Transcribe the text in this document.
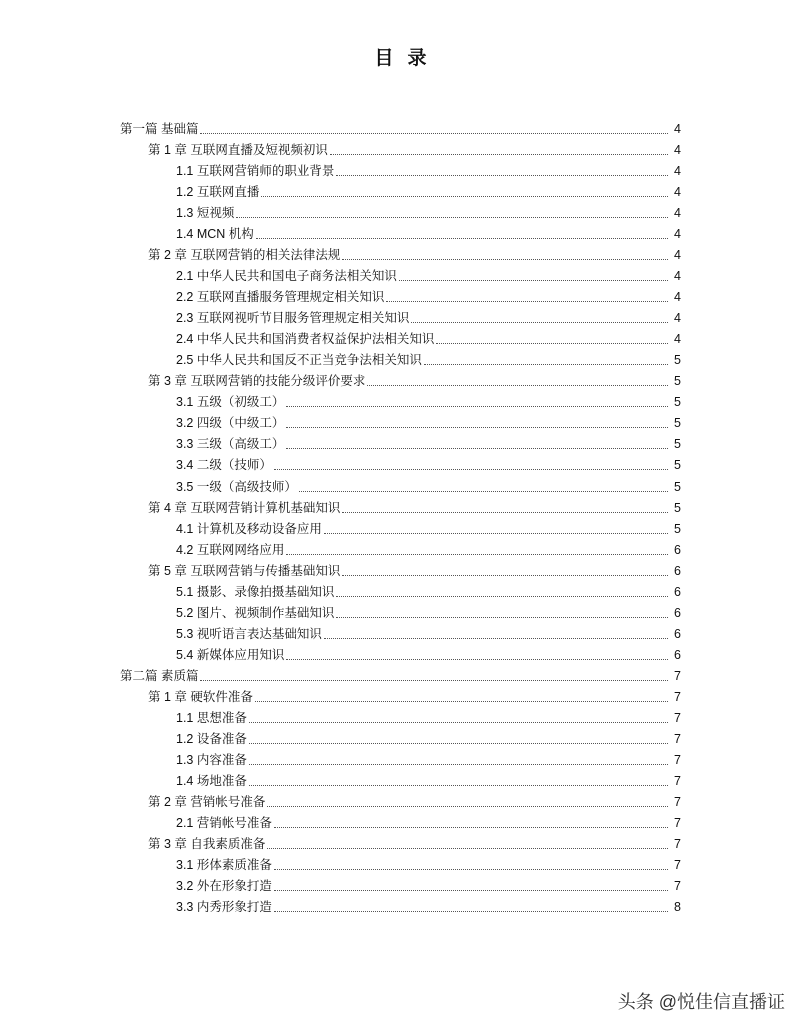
目录
第一篇 基础篇	4
第 1 章 互联网直播及短视频初识	4
1.1 互联网营销师的职业背景	4
1.2 互联网直播	4
1.3 短视频	4
1.4 MCN 机构	4
第 2 章 互联网营销的相关法律法规	4
2.1 中华人民共和国电子商务法相关知识	4
2.2 互联网直播服务管理规定相关知识	4
2.3 互联网视听节目服务管理规定相关知识	4
2.4 中华人民共和国消费者权益保护法相关知识	4
2.5 中华人民共和国反不正当竞争法相关知识	5
第 3 章 互联网营销的技能分级评价要求	5
3.1 五级（初级工）	5
3.2 四级（中级工）	5
3.3 三级（高级工）	5
3.4 二级（技师）	5
3.5 一级（高级技师）	5
第 4 章 互联网营销计算机基础知识	5
4.1 计算机及移动设备应用	5
4.2 互联网网络应用	6
第 5 章 互联网营销与传播基础知识	6
5.1 摄影、录像拍摄基础知识	6
5.2 图片、视频制作基础知识	6
5.3 视听语言表达基础知识	6
5.4 新媒体应用知识	6
第二篇 素质篇	7
第 1 章 硬软件准备	7
1.1 思想准备	7
1.2 设备准备	7
1.3 内容准备	7
1.4 场地准备	7
第 2 章 营销帐号准备	7
2.1 营销帐号准备	7
第 3 章 自我素质准备	7
3.1 形体素质准备	7
3.2 外在形象打造	7
3.3 内秀形象打造	8
头条 @悦佳信直播证
